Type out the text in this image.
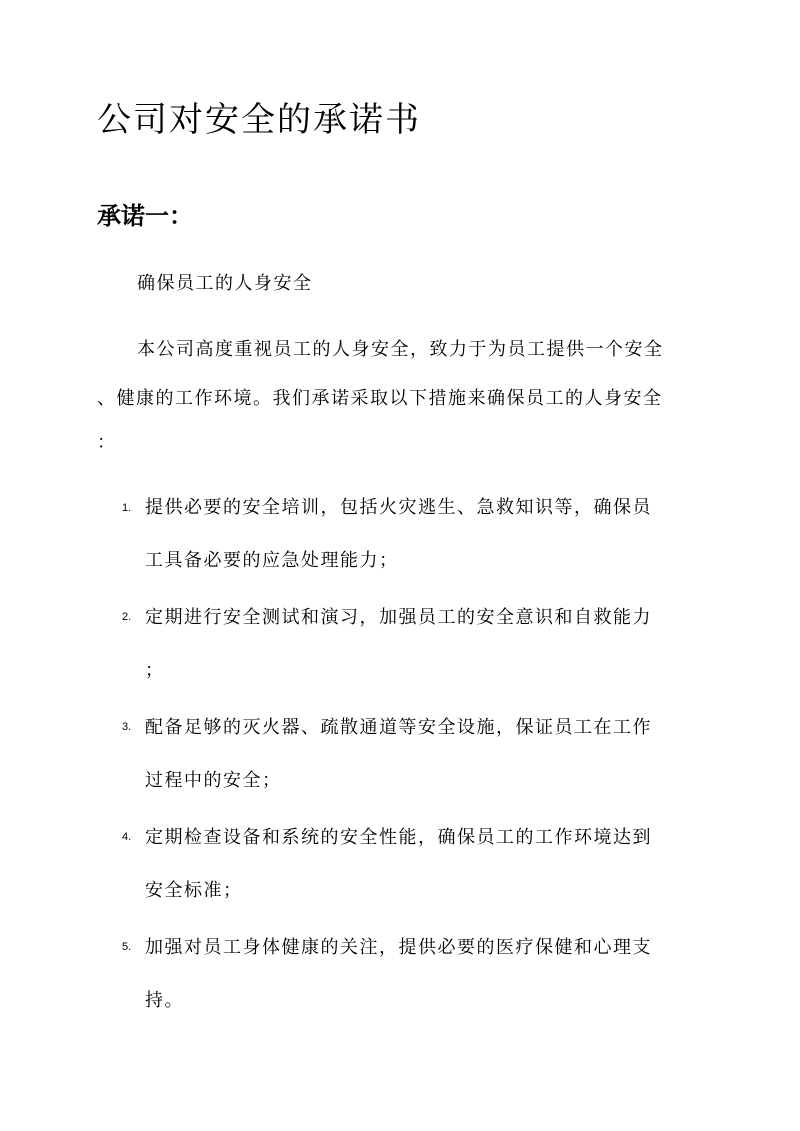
公司对安全的承诺书
承诺一：

确保员工的人身安全

本公司高度重视员工的人身安全，致力于为员工提供一个安全

、健康的工作环境。我们承诺采取以下措施来确保员工的人身安全

：

1. 提供必要的安全培训，包括火灾逃生、急救知识等，确保员
工具备必要的应急处理能力；
2. 定期进行安全测试和演习，加强员工的安全意识和自救能力
；
3. 配备足够的灭火器、疏散通道等安全设施，保证员工在工作
过程中的安全；
4. 定期检查设备和系统的安全性能，确保员工的工作环境达到
安全标准；
5. 加强对员工身体健康的关注，提供必要的医疗保健和心理支
持。
